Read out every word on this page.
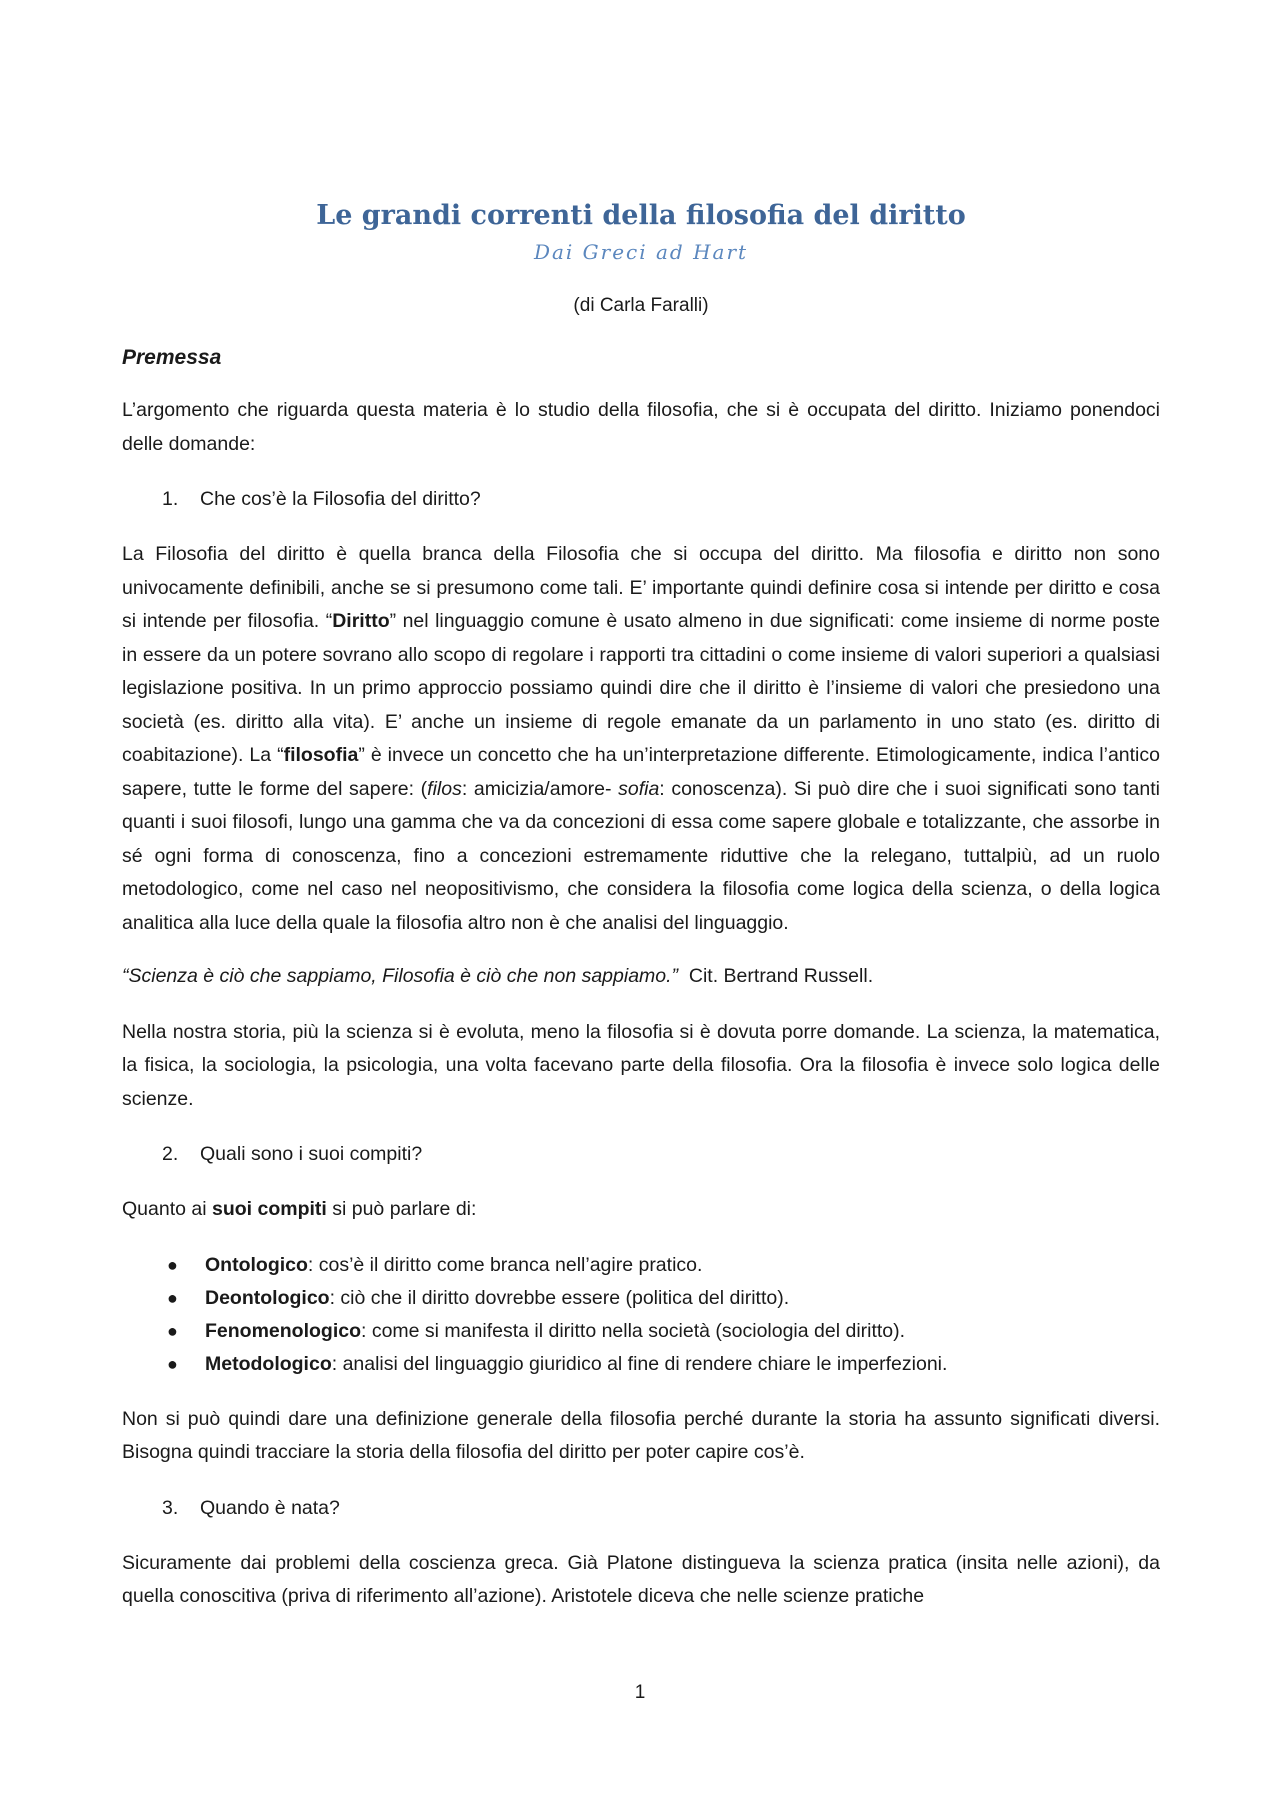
Le grandi correnti della filosofia del diritto
Dai Greci ad Hart
(di Carla Faralli)
Premessa

L’argomento che riguarda questa materia è lo studio della filosofia, che si è occupata del diritto. Iniziamo ponendoci delle domande:

1.	Che cos’è la Filosofia del diritto?

La Filosofia del diritto è quella branca della Filosofia che si occupa del diritto. Ma filosofia e diritto non sono univocamente definibili, anche se si presumono come tali. E’ importante quindi definire cosa si intende per diritto e cosa si intende per filosofia. “Diritto” nel linguaggio comune è usato almeno in due significati: come insieme di norme poste in essere da un potere sovrano allo scopo di regolare i rapporti tra cittadini o come insieme di valori superiori a qualsiasi legislazione positiva. In un primo approccio possiamo quindi dire che il diritto è l’insieme di valori che presiedono una società (es. diritto alla vita). E’ anche un insieme di regole emanate da un parlamento in uno stato (es. diritto di coabitazione). La “filosofia” è invece un concetto che ha un’interpretazione differente. Etimologicamente, indica l’antico sapere, tutte le forme del sapere: (filos: amicizia/amore- sofia: conoscenza). Si può dire che i suoi significati sono tanti quanti i suoi filosofi, lungo una gamma che va da concezioni di essa come sapere globale e totalizzante, che assorbe in sé ogni forma di conoscenza, fino a concezioni estremamente riduttive che la relegano, tuttalpiù, ad un ruolo metodologico, come nel caso nel neopositivismo, che considera la filosofia come logica della scienza, o della logica analitica alla luce della quale la filosofia altro non è che analisi del linguaggio.

“Scienza è ciò che sappiamo, Filosofia è ciò che non sappiamo.”  Cit. Bertrand Russell.

Nella nostra storia, più la scienza si è evoluta, meno la filosofia si è dovuta porre domande. La scienza, la matematica, la fisica, la sociologia, la psicologia, una volta facevano parte della filosofia. Ora la filosofia è invece solo logica delle scienze.

2.	Quali sono i suoi compiti?

Quanto ai suoi compiti si può parlare di:

●	Ontologico: cos’è il diritto come branca nell’agire pratico.
●	Deontologico: ciò che il diritto dovrebbe essere (politica del diritto).
●	Fenomenologico: come si manifesta il diritto nella società (sociologia del diritto).
●	Metodologico: analisi del linguaggio giuridico al fine di rendere chiare le imperfezioni.

Non si può quindi dare una definizione generale della filosofia perché durante la storia ha assunto significati diversi. Bisogna quindi tracciare la storia della filosofia del diritto per poter capire cos’è.

3.	Quando è nata?

Sicuramente dai problemi della coscienza greca. Già Platone distingueva la scienza pratica (insita nelle azioni), da quella conoscitiva (priva di riferimento all’azione). Aristotele diceva che nelle scienze pratiche

1
